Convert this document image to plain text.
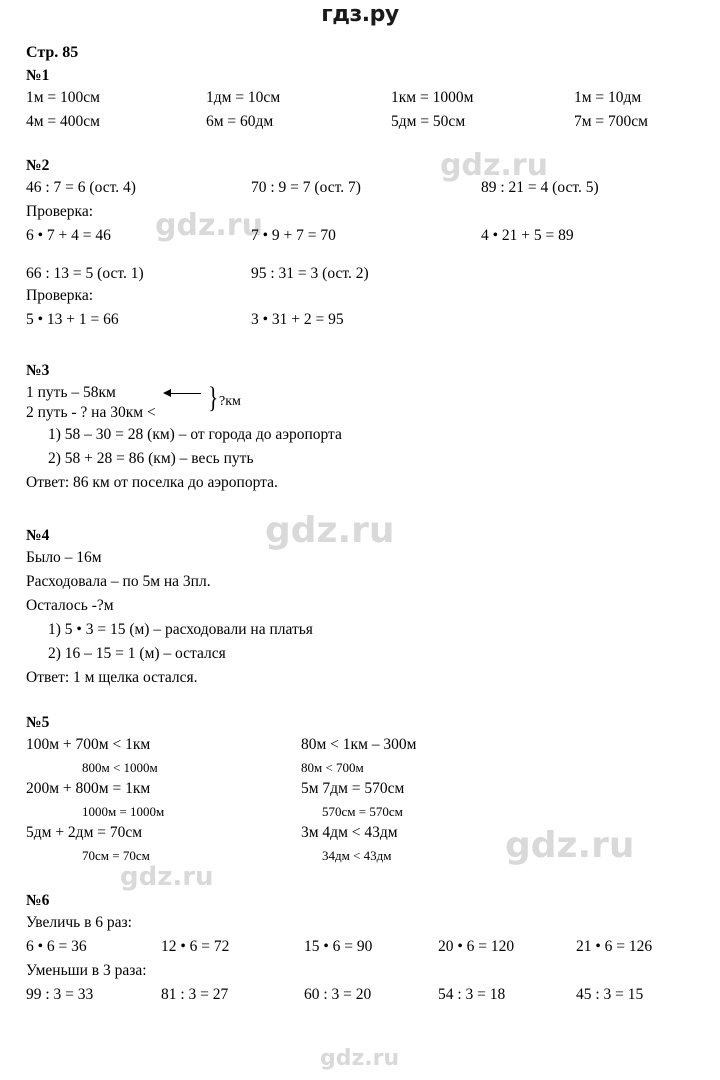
gdz.ru
gdz.ru
gdz.ru
gdz.ru
gdz.ru
gdz.ru
гдз.ру
Стр. 85
№1
1м = 100см	1дм = 10см	1км = 1000м	1м = 10дм
4м = 400см	6м = 60дм	5дм = 50см	7м = 700см
№2
46 : 7 = 6 (ост. 4)	70 : 9 = 7 (ост. 7)	89 : 21 = 4 (ост. 5)
Проверка:
6 • 7 + 4 = 46	7 • 9 + 7 = 70	4 • 21 + 5 = 89
66 : 13 = 5 (ост. 1)	95 : 31 = 3 (ост. 2)
Проверка:
5 • 13 + 1 = 66	3 • 31 + 2 = 95
№3
1 путь – 58км
2 путь - ? на 30км < } ?км
1) 58 – 30 = 28 (км) – от города до аэропорта
2) 58 + 28 = 86 (км) – весь путь
Ответ: 86 км от поселка до аэропорта.
№4
Было – 16м
Расходовала – по 5м на 3пл.
Осталось -?м
1) 5 • 3 = 15 (м) – расходовали на платья
2) 16 – 15 = 1 (м) – остался
Ответ: 1 м щелка остался.
№5
100м + 700м < 1км	80м < 1км – 300м
800м < 1000м	80м < 700м
200м + 800м = 1км	5м 7дм = 570см
1000м = 1000м	570см = 570см
5дм + 2дм = 70см	3м 4дм < 43дм
70см = 70см	34дм < 43дм
№6
Увеличь в 6 раз:
6 • 6 = 36	12 • 6 = 72	15 • 6 = 90	20 • 6 = 120	21 • 6 = 126
Уменьши в 3 раза:
99 : 3 = 33	81 : 3 = 27	60 : 3 = 20	54 : 3 = 18	45 : 3 = 15
